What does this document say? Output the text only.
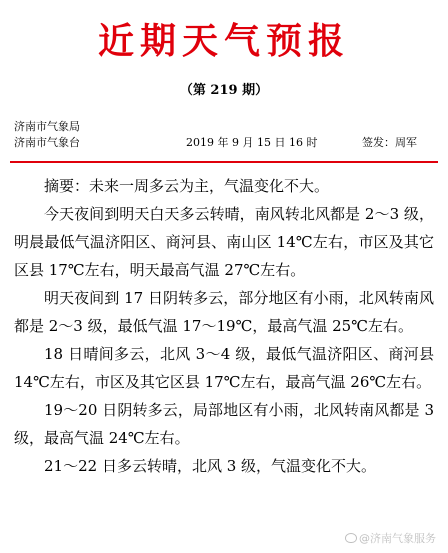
近期天气预报
（第 219 期）
济南市气象局
济南市气象台	2019 年 9 月 15 日 16 时	签发：周军

摘要：未来一周多云为主，气温变化不大。

今天夜间到明天白天多云转晴，南风转北风都是 2～3 级，明晨最低气温济阳区、商河县、南山区 14℃左右，市区及其它区县 17℃左右，明天最高气温 27℃左右。

明天夜间到 17 日阴转多云，部分地区有小雨，北风转南风都是 2～3 级，最低气温 17～19℃，最高气温 25℃左右。

18 日晴间多云，北风 3～4 级，最低气温济阳区、商河县 14℃左右，市区及其它区县 17℃左右，最高气温 26℃左右。

19～20 日阴转多云，局部地区有小雨，北风转南风都是 3 级，最高气温 24℃左右。

21～22 日多云转晴，北风 3 级，气温变化不大。

@济南气象服务
